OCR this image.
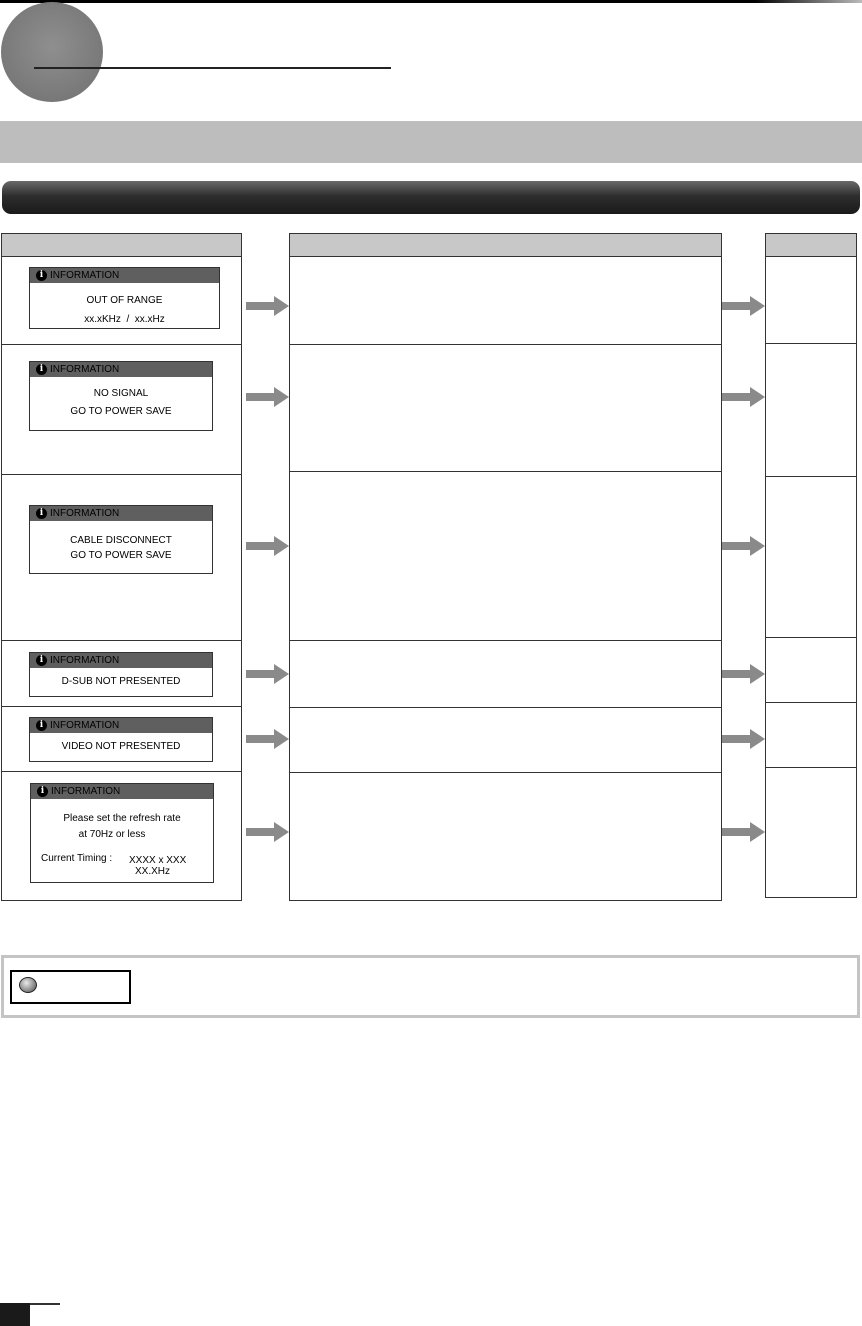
i INFORMATION
OUT OF RANGE
xx.xKHz  /  xx.xHz
i INFORMATION
NO SIGNAL
GO TO POWER SAVE
i INFORMATION
CABLE DISCONNECT
GO TO POWER SAVE
i INFORMATION
D-SUB NOT PRESENTED
i INFORMATION
VIDEO NOT PRESENTED
i INFORMATION
Please set the refresh rate
at 70Hz or less
Current Timing : XXXX x XXX
XX.XHz
